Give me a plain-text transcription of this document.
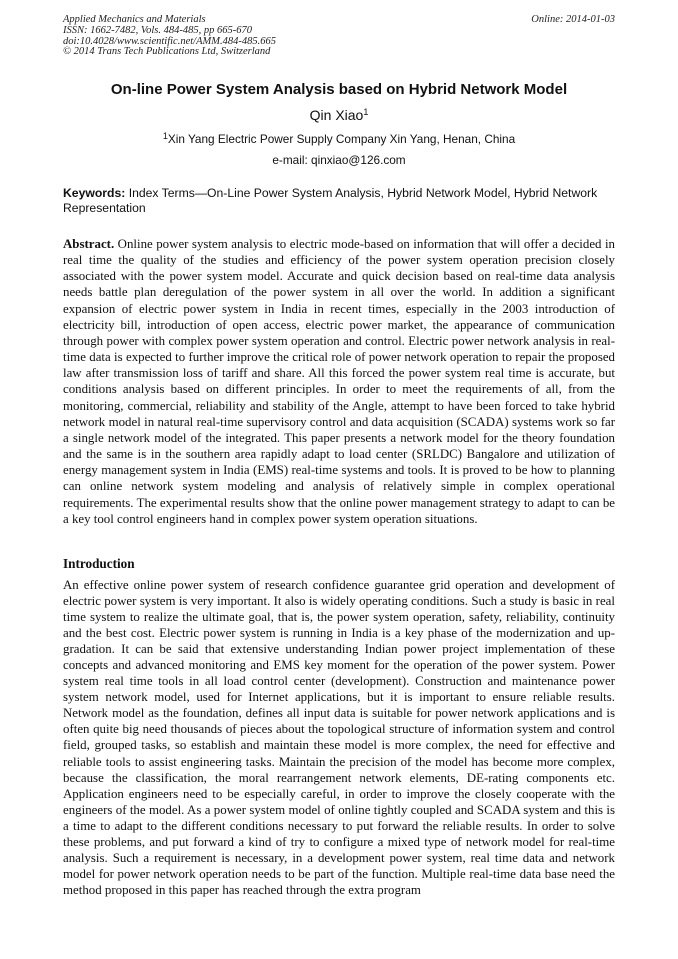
Applied Mechanics and Materials
ISSN: 1662-7482, Vols. 484-485, pp 665-670
doi:10.4028/www.scientific.net/AMM.484-485.665
© 2014 Trans Tech Publications Ltd, Switzerland
Online: 2014-01-03
On-line Power System Analysis based on Hybrid Network Model
Qin Xiao$^1$
$^1$Xin Yang Electric Power Supply Company Xin Yang, Henan, China
e-mail: qinxiao@126.com
Keywords: Index Terms—On-Line Power System Analysis, Hybrid Network Model, Hybrid Network Representation

Abstract. Online power system analysis to electric mode-based on information that will offer a decided in real time the quality of the studies and efficiency of the power system operation precision closely associated with the power system model. Accurate and quick decision based on real-time data analysis needs battle plan deregulation of the power system in all over the world. In addition a significant expansion of electric power system in India in recent times, especially in the 2003 introduction of electricity bill, introduction of open access, electric power market, the appearance of communication through power with complex power system operation and control. Electric power network analysis in real-time data is expected to further improve the critical role of power network operation to repair the proposed law after transmission loss of tariff and share. All this forced the power system real time is accurate, but conditions analysis based on different principles. In order to meet the requirements of all, from the monitoring, commercial, reliability and stability of the Angle, attempt to have been forced to take hybrid network model in natural real-time supervisory control and data acquisition (SCADA) systems work so far a single network model of the integrated. This paper presents a network model for the theory foundation and the same is in the southern area rapidly adapt to load center (SRLDC) Bangalore and utilization of energy management system in India (EMS) real-time systems and tools. It is proved to be how to planning can online network system modeling and analysis of relatively simple in complex operational requirements. The experimental results show that the online power management strategy to adapt to can be a key tool control engineers hand in complex power system operation situations.

Introduction

An effective online power system of research confidence guarantee grid operation and development of electric power system is very important. It also is widely operating conditions. Such a study is basic in real time system to realize the ultimate goal, that is, the power system operation, safety, reliability, continuity and the best cost. Electric power system is running in India is a key phase of the modernization and up-gradation. It can be said that extensive understanding Indian power project implementation of these concepts and advanced monitoring and EMS key moment for the operation of the power system. Power system real time tools in all load control center (development). Construction and maintenance power system network model, used for Internet applications, but it is important to ensure reliable results. Network model as the foundation, defines all input data is suitable for power network applications and is often quite big need thousands of pieces about the topological structure of information system and control field, grouped tasks, so establish and maintain these model is more complex, the need for effective and reliable tools to assist engineering tasks. Maintain the precision of the model has become more complex, because the classification, the moral rearrangement network elements, DE-rating components etc. Application engineers need to be especially careful, in order to improve the closely cooperate with the engineers of the model. As a power system model of online tightly coupled and SCADA system and this is a time to adapt to the different conditions necessary to put forward the reliable results. In order to solve these problems, and put forward a kind of try to configure a mixed type of network model for real-time analysis. Such a requirement is necessary, in a development power system, real time data and network model for power network operation needs to be part of the function. Multiple real-time data base need the method proposed in this paper has reached through the extra program
